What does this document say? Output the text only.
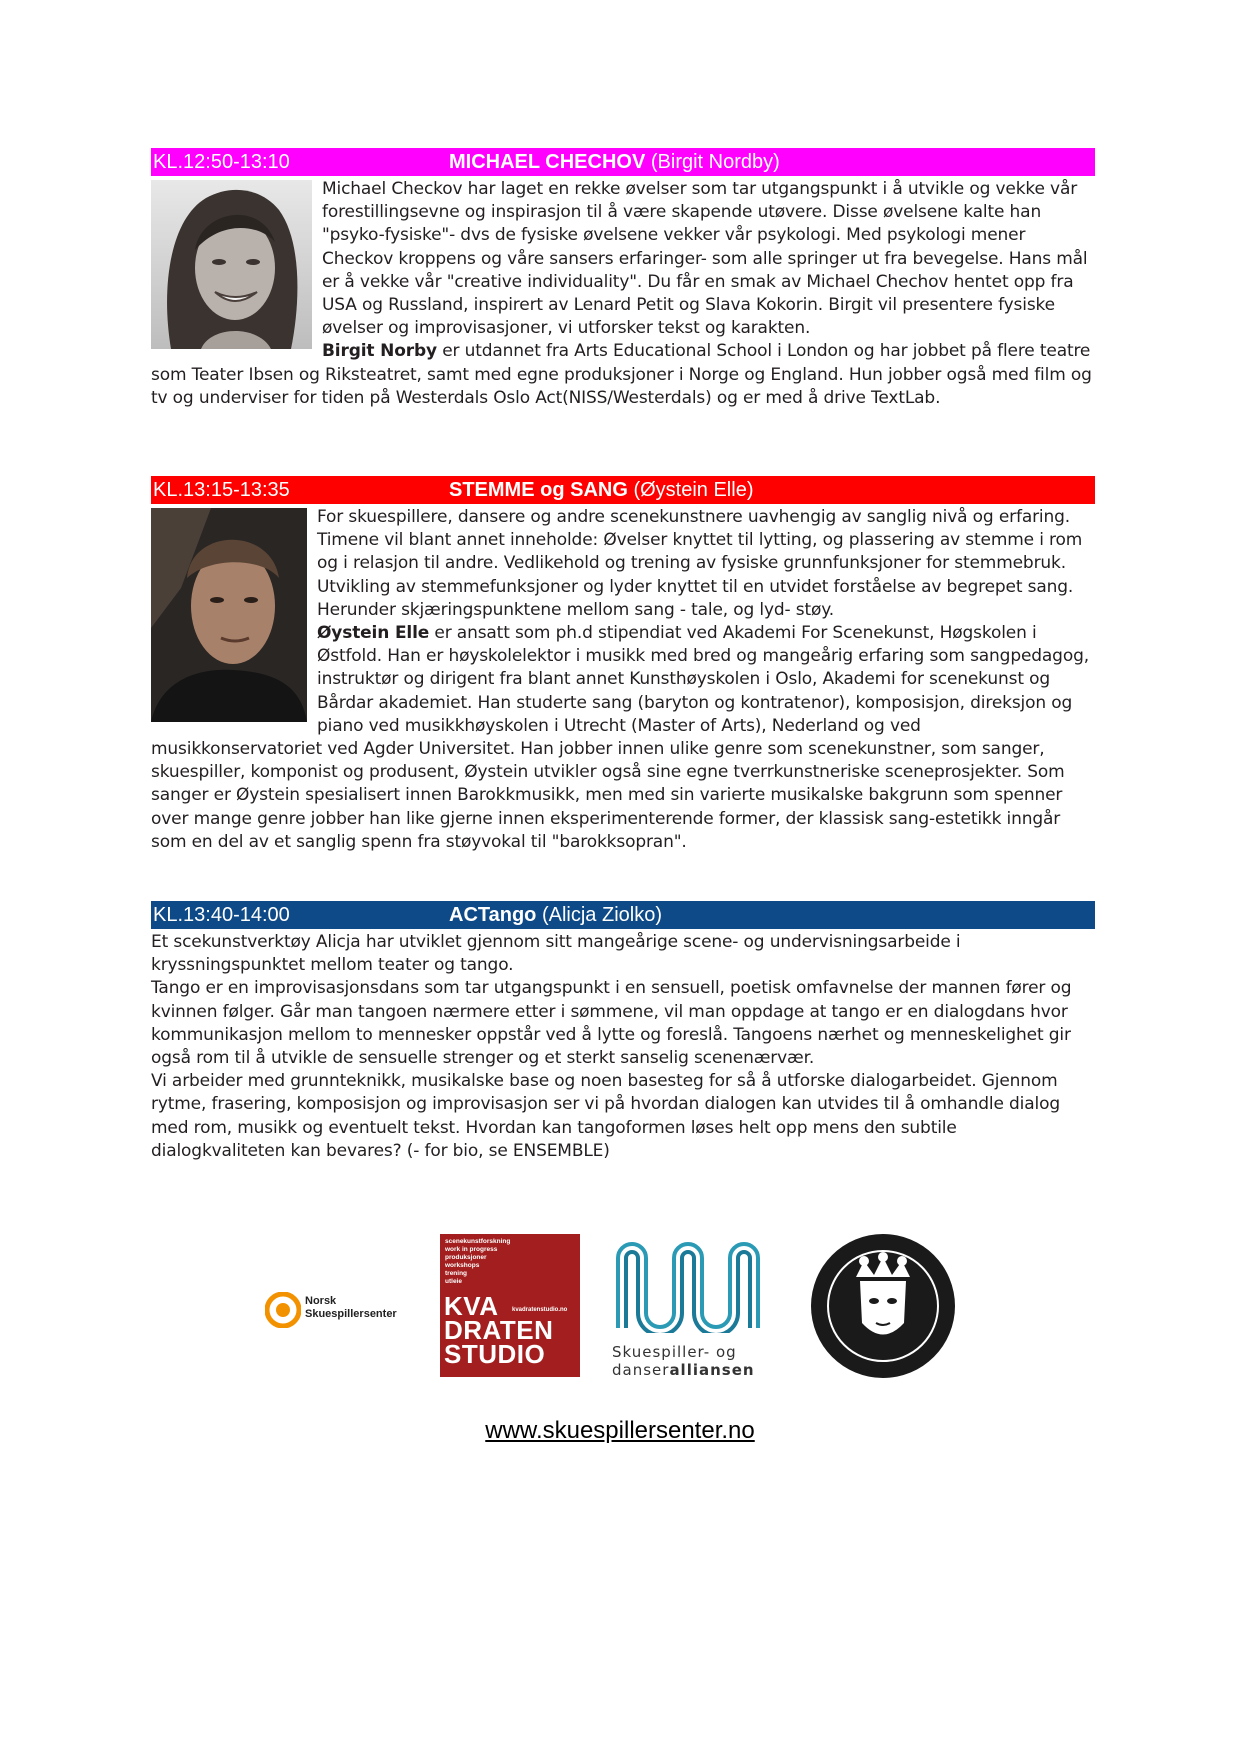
KL.12:50-13:10	MICHAEL CHECHOV (Birgit Nordby)

Michael Checkov har laget en rekke øvelser som tar utgangspunkt i å utvikle og vekke vår forestillingsevne og inspirasjon til å være skapende utøvere. Disse øvelsene kalte han "psyko-fysiske"- dvs de fysiske øvelsene vekker vår psykologi. Med psykologi mener Checkov kroppens og våre sansers erfaringer- som alle springer ut fra bevegelse. Hans mål er å vekke vår "creative individuality". Du får en smak av Michael Chechov hentet opp fra USA og Russland, inspirert av Lenard Petit og Slava Kokorin. Birgit vil presentere fysiske øvelser og improvisasjoner, vi utforsker tekst og karakten.

Birgit Norby er utdannet fra Arts Educational School i London og har jobbet på flere teatre som Teater Ibsen og Riksteatret, samt med egne produksjoner i Norge og England. Hun jobber også med film og tv og underviser for tiden på Westerdals Oslo Act(NISS/Westerdals) og er med å drive TextLab.

KL.13:15-13:35	STEMME og SANG (Øystein Elle)

For skuespillere, dansere og andre scenekunstnere uavhengig av sanglig nivå og erfaring. Timene vil blant annet inneholde: Øvelser knyttet til lytting, og plassering av stemme i rom og i relasjon til andre. Vedlikehold og trening av fysiske grunnfunksjoner for stemmebruk. Utvikling av stemmefunksjoner og lyder knyttet til en utvidet forståelse av begrepet sang. Herunder skjæringspunktene mellom sang - tale, og lyd- støy.

Øystein Elle er ansatt som ph.d stipendiat ved Akademi For Scenekunst, Høgskolen i Østfold. Han er høyskolelektor i musikk med bred og mangeårig erfaring som sangpedagog, instruktør og dirigent fra blant annet Kunsthøyskolen i Oslo, Akademi for scenekunst og Bårdar akademiet. Han studerte sang (baryton og kontratenor), komposisjon, direksjon og piano ved musikkhøyskolen i Utrecht (Master of Arts), Nederland og ved musikkonservatoriet ved Agder Universitet. Han jobber innen ulike genre som scenekunstner, som sanger, skuespiller, komponist og produsent, Øystein utvikler også sine egne tverrkunstneriske sceneprosjekter. Som sanger er Øystein spesialisert innen Barokkmusikk, men med sin varierte musikalske bakgrunn som spenner over mange genre jobber han like gjerne innen eksperimenterende former, der klassisk sang-estetikk inngår som en del av et sanglig spenn fra støyvokal til "barokksopran".

KL.13:40-14:00	ACTango (Alicja Ziolko)

Et scekunstverktøy Alicja har utviklet gjennom sitt mangeårige scene- og undervisningsarbeide i kryssningspunktet mellom teater og tango.

Tango er en improvisasjonsdans som tar utgangspunkt i en sensuell, poetisk omfavnelse der mannen fører og kvinnen følger. Går man tangoen nærmere etter i sømmene, vil man oppdage at tango er en dialogdans hvor kommunikasjon mellom to mennesker oppstår ved å lytte og foreslå. Tangoens nærhet og menneskelighet gir også rom til å utvikle de sensuelle strenger og et sterkt sanselig scenenærvær.

Vi arbeider med grunnteknikk, musikalske base og noen basesteg for så å utforske dialogarbeidet. Gjennom rytme, frasering, komposisjon og improvisasjon ser vi på hvordan dialogen kan utvides til å omhandle dialog med rom, musikk og eventuelt tekst. Hvordan kan tangoformen løses helt opp mens den subtile dialogkvaliteten kan bevares? (- for bio, se ENSEMBLE)

Norsk
Skuespillersenter
scenekunstforskning
work in progress
produksjoner
workshops
trening
utleie
kvadratenstudio.no
KVA
DRATEN
STUDIO	Skuespiller- og
danseralliansen
www.skuespillersenter.no
